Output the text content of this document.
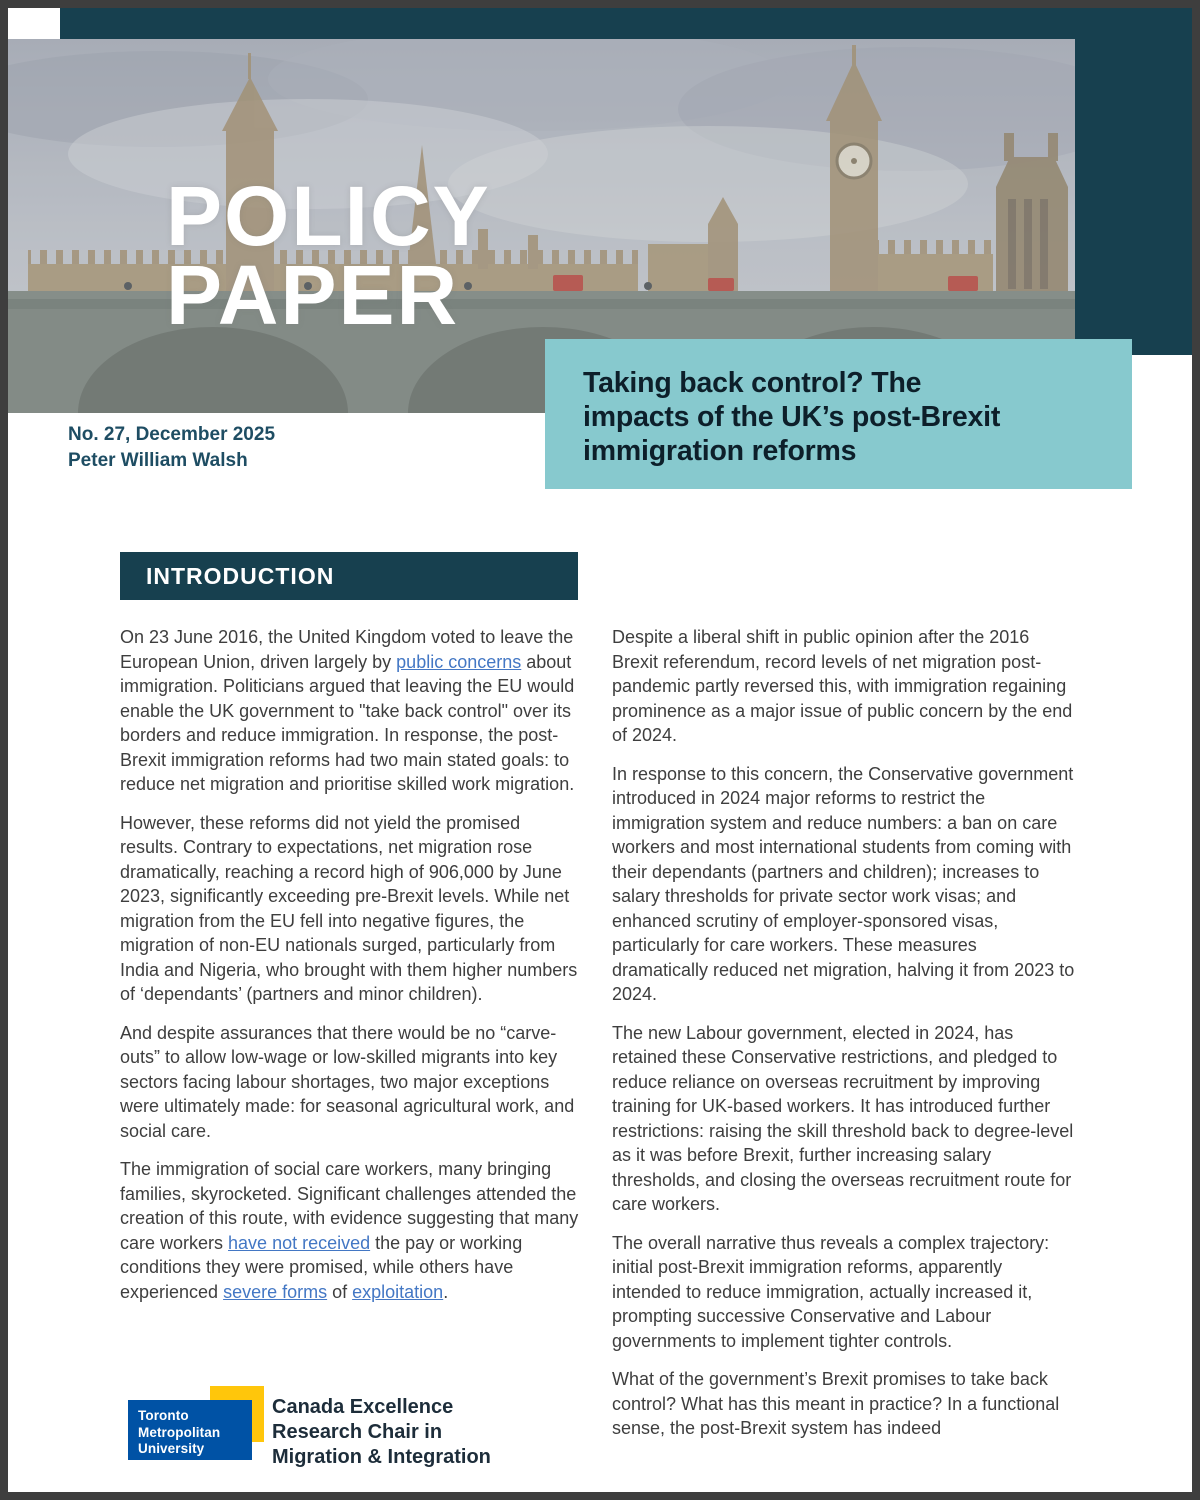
POLICY
PAPER
Taking back control? The
impacts of the UK’s post-Brexit
immigration reforms
No. 27, December 2025
Peter William Walsh
INTRODUCTION

On 23 June 2016, the United Kingdom voted to leave the European Union, driven largely by public concerns about immigration. Politicians argued that leaving the EU would enable the UK government to "take back control" over its borders and reduce immigration. In response, the post-Brexit immigration reforms had two main stated goals: to reduce net migration and prioritise skilled work migration.

However, these reforms did not yield the promised results. Contrary to expectations, net migration rose dramatically, reaching a record high of 906,000 by June 2023, significantly exceeding pre-Brexit levels. While net migration from the EU fell into negative figures, the migration of non-EU nationals surged, particularly from India and Nigeria, who brought with them higher numbers of ‘dependants’ (partners and minor children).

And despite assurances that there would be no “carve-outs” to allow low-wage or low-skilled migrants into key sectors facing labour shortages, two major exceptions were ultimately made: for seasonal agricultural work, and social care.

The immigration of social care workers, many bringing families, skyrocketed. Significant challenges attended the creation of this route, with evidence suggesting that many care workers have not received the pay or working conditions they were promised, while others have experienced severe forms of exploitation.

Despite a liberal shift in public opinion after the 2016 Brexit referendum, record levels of net migration post-pandemic partly reversed this, with immigration regaining prominence as a major issue of public concern by the end of 2024.

In response to this concern, the Conservative government introduced in 2024 major reforms to restrict the immigration system and reduce numbers: a ban on care workers and most international students from coming with their dependants (partners and children); increases to salary thresholds for private sector work visas; and enhanced scrutiny of employer-sponsored visas, particularly for care workers. These measures dramatically reduced net migration, halving it from 2023 to 2024.

The new Labour government, elected in 2024, has retained these Conservative restrictions, and pledged to reduce reliance on overseas recruitment by improving training for UK-based workers. It has introduced further restrictions: raising the skill threshold back to degree-level as it was before Brexit, further increasing salary thresholds, and closing the overseas recruitment route for care workers.

The overall narrative thus reveals a complex trajectory: initial post-Brexit immigration reforms, apparently intended to reduce immigration, actually increased it, prompting successive Conservative and Labour governments to implement tighter controls.

What of the government’s Brexit promises to take back control? What has this meant in practice? In a functional sense, the post-Brexit system has indeed

Toronto
Metropolitan
University
Canada Excellence
Research Chair in
Migration & Integration
